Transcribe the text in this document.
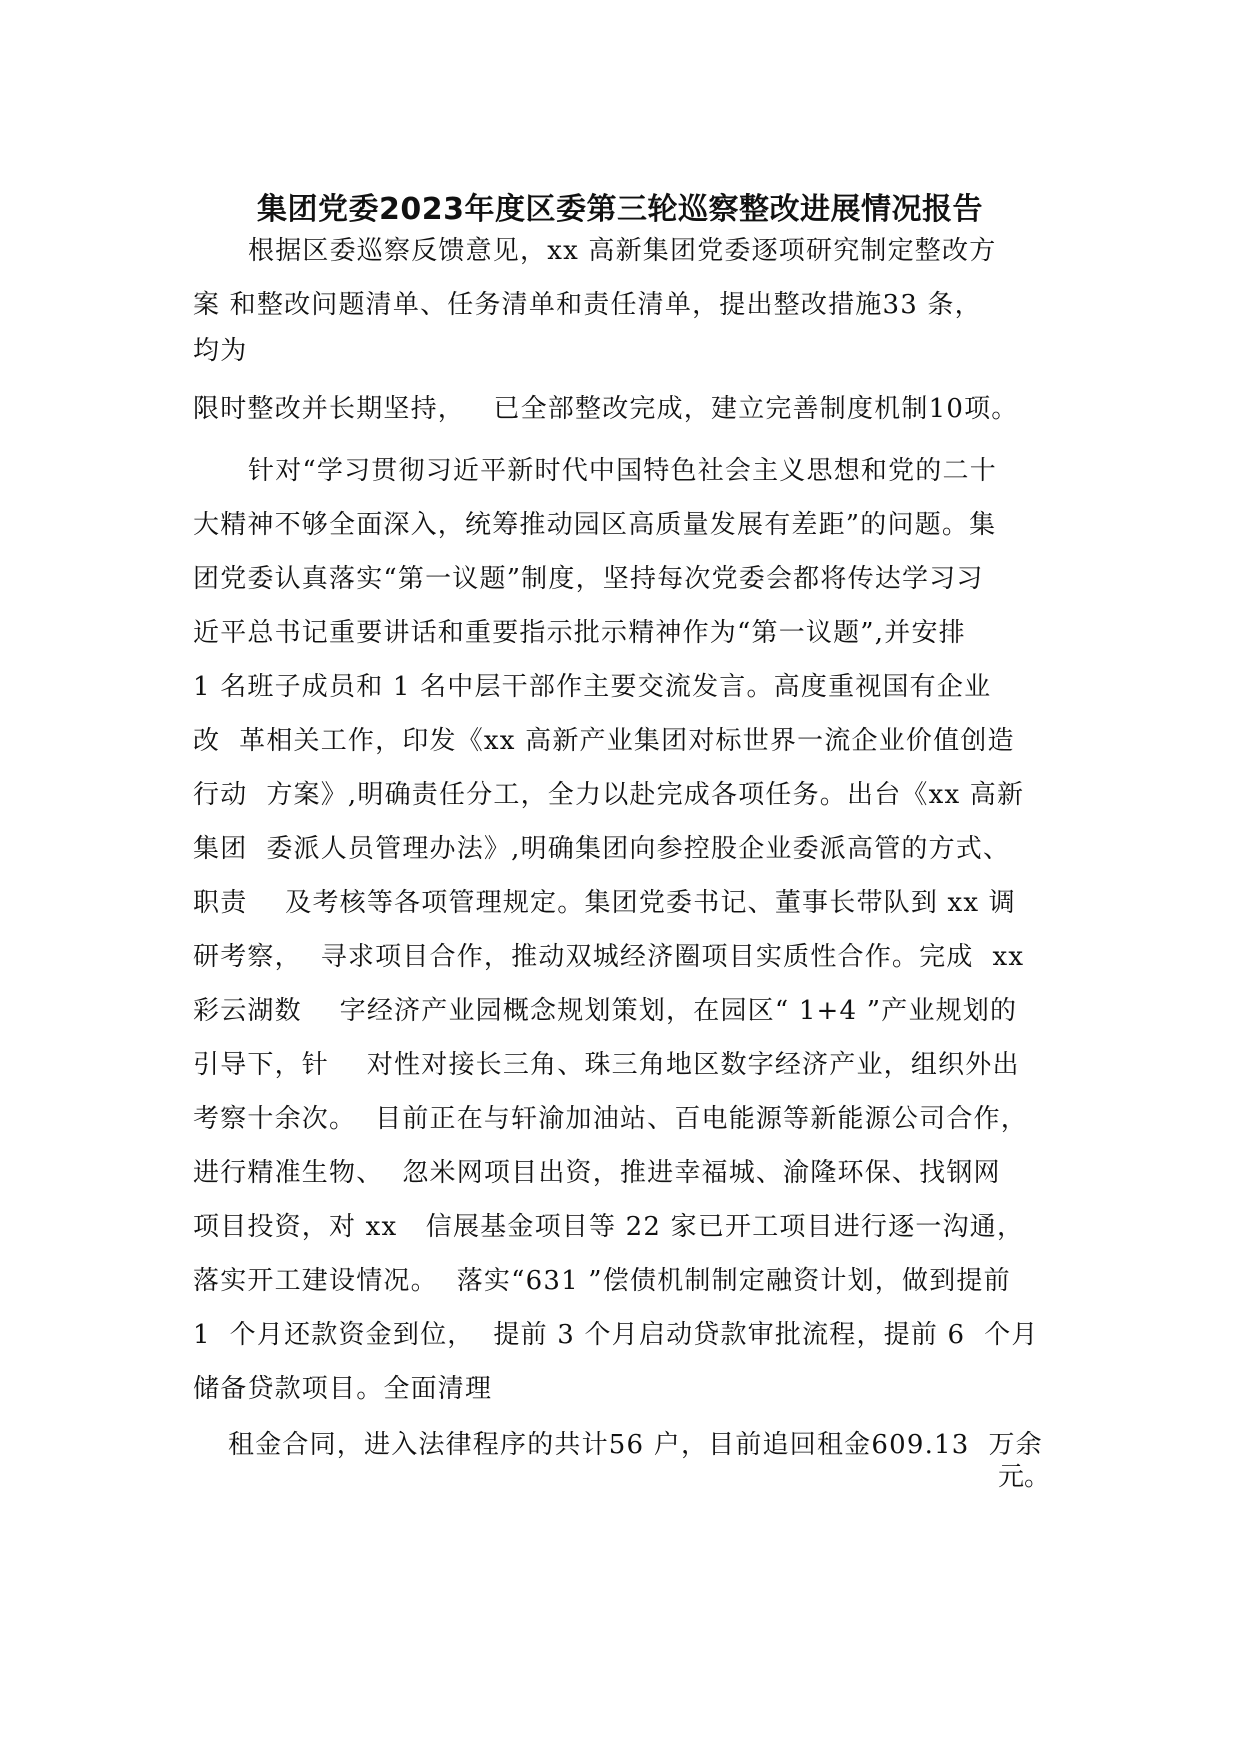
集团党委2023年度区委第三轮巡察整改进展情况报告
根据区委巡察反馈意见，xx 高新集团党委逐项研究制定整改方
案 和整改问题清单、任务清单和责任清单，提出整改措施33 条，
均为
限时整改并长期坚持，   已全部整改完成，建立完善制度机制10项。
针对“学习贯彻习近平新时代中国特色社会主义思想和党的二十
大精神不够全面深入，统筹推动园区高质量发展有差距”的问题。集
团党委认真落实“第一议题”制度，坚持每次党委会都将传达学习习
近平总书记重要讲话和重要指示批示精神作为“第一议题”,并安排
1 名班子成员和 1 名中层干部作主要交流发言。高度重视国有企业
改  革相关工作，印发《xx 高新产业集团对标世界一流企业价值创造
行动  方案》,明确责任分工，全力以赴完成各项任务。出台《xx 高新
集团  委派人员管理办法》,明确集团向参控股企业委派高管的方式、
职责    及考核等各项管理规定。集团党委书记、董事长带队到 xx 调
研考察，  寻求项目合作，推动双城经济圈项目实质性合作。完成  xx
彩云湖数    字经济产业园概念规划策划，在园区“ 1+4 ”产业规划的
引导下，针    对性对接长三角、珠三角地区数字经济产业，组织外出
考察十余次。  目前正在与轩渝加油站、百电能源等新能源公司合作，
进行精准生物、  忽米网项目出资，推进幸福城、渝隆环保、找钢网
项目投资，对 xx   信展基金项目等 22 家已开工项目进行逐一沟通，
落实开工建设情况。  落实“631 ”偿债机制制定融资计划，做到提前
1  个月还款资金到位，  提前 3 个月启动贷款审批流程，提前 6  个月
储备贷款项目。全面清理
租金合同，进入法律程序的共计56 户，目前追回租金609.13  万余
元。
